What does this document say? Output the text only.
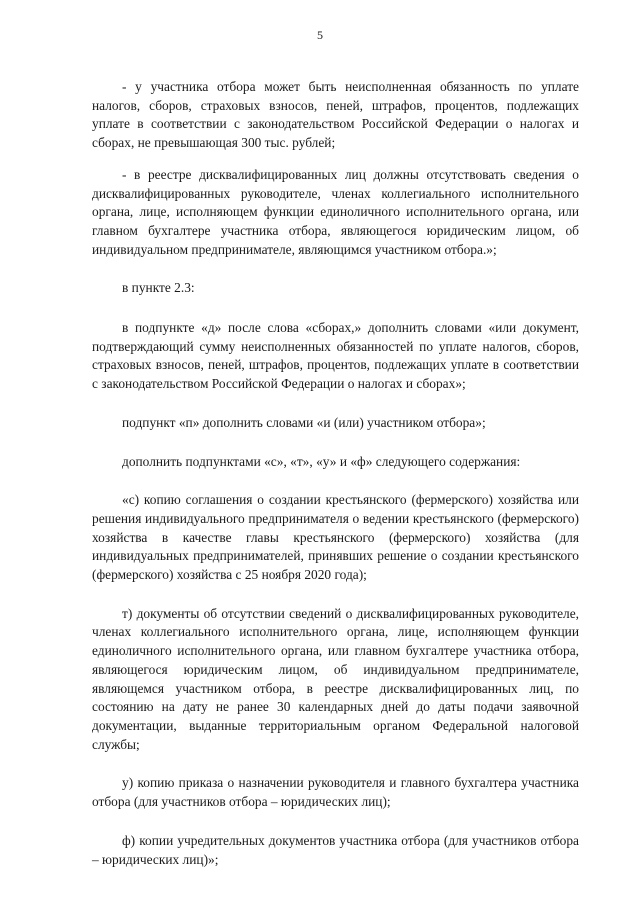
5

- у участника отбора может быть неисполненная обязанность по уплате налогов, сборов, страховых взносов, пеней, штрафов, процентов, подлежащих уплате в соответствии с законодательством Российской Федерации о налогах и сборах, не превышающая 300 тыс. рублей;

- в реестре дисквалифицированных лиц должны отсутствовать сведения о дисквалифицированных руководителе, членах коллегиального исполнительного органа, лице, исполняющем функции единоличного исполнительного органа, или главном бухгалтере участника отбора, являющегося юридическим лицом, об индивидуальном предпринимателе, являющимся участником отбора.»;

в пункте 2.3:

в подпункте «д» после слова «сборах,» дополнить словами «или документ, подтверждающий сумму неисполненных обязанностей по уплате налогов, сборов, страховых взносов, пеней, штрафов, процентов, подлежащих уплате в соответствии с законодательством Российской Федерации о налогах и сборах»;

подпункт «п» дополнить словами «и (или) участником отбора»;

дополнить подпунктами «с», «т», «у» и «ф» следующего содержания:

«с) копию соглашения о создании крестьянского (фермерского) хозяйства или решения индивидуального предпринимателя о ведении крестьянского (фермерского) хозяйства в качестве главы крестьянского (фермерского) хозяйства (для индивидуальных предпринимателей, принявших решение о создании крестьянского (фермерского) хозяйства с 25 ноября 2020 года);

т) документы об отсутствии сведений о дисквалифицированных руководителе, членах коллегиального исполнительного органа, лице, исполняющем функции единоличного исполнительного органа, или главном бухгалтере участника отбора, являющегося юридическим лицом, об индивидуальном предпринимателе, являющемся участником отбора, в реестре дисквалифицированных лиц, по состоянию на дату не ранее 30 календарных дней до даты подачи заявочной документации, выданные территориальным органом Федеральной налоговой службы;

у) копию приказа о назначении руководителя и главного бухгалтера участника отбора (для участников отбора – юридических лиц);

ф) копии учредительных документов участника отбора (для участников отбора – юридических лиц)»;
